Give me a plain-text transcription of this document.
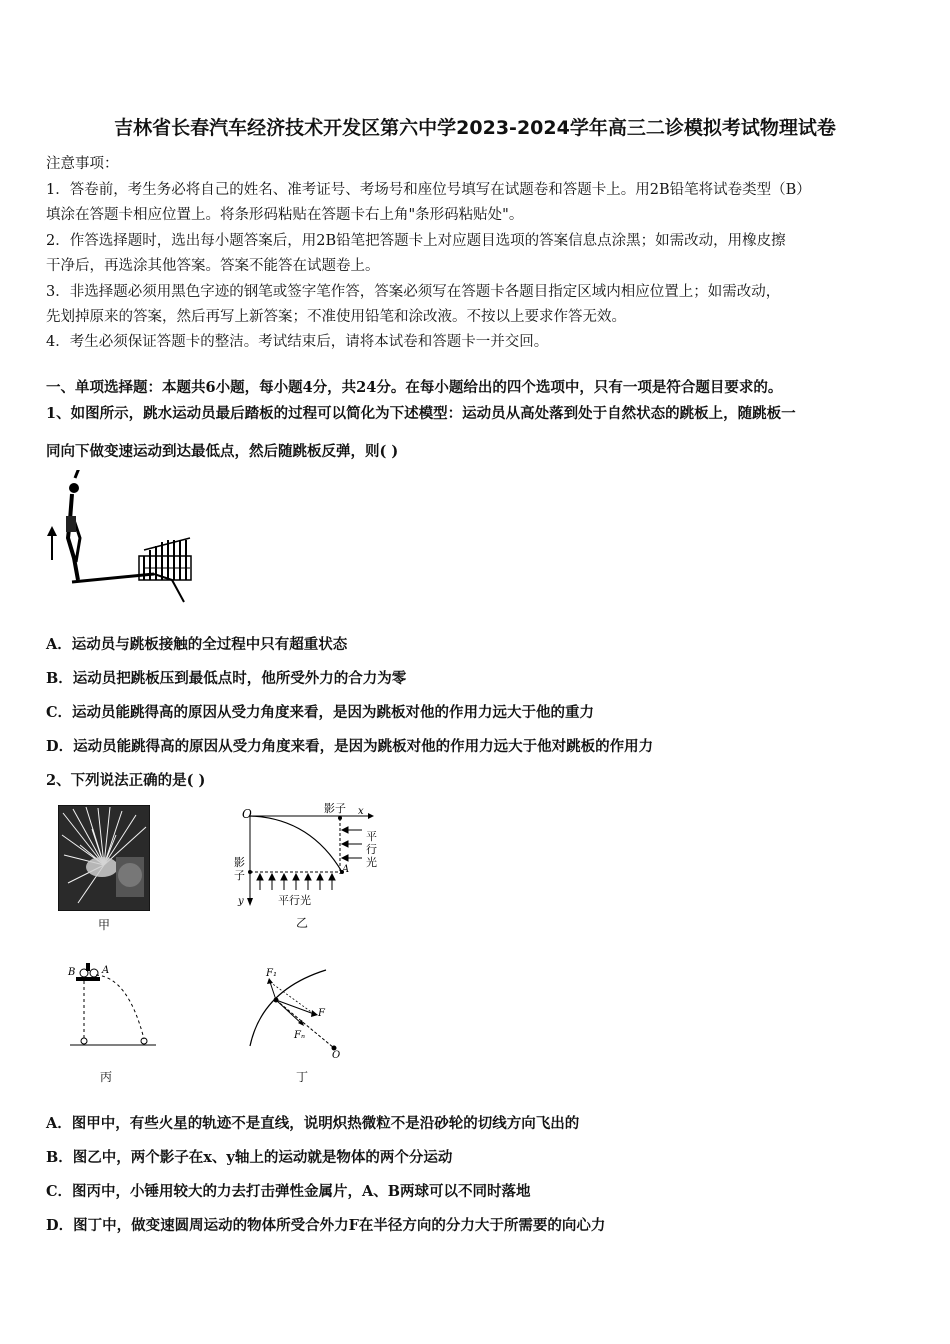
吉林省长春汽车经济技术开发区第六中学2023-2024学年高三二诊模拟考试物理试卷
注意事项：
1．答卷前，考生务必将自己的姓名、准考证号、考场号和座位号填写在试题卷和答题卡上。用2B铅笔将试卷类型（B）
填涂在答题卡相应位置上。将条形码粘贴在答题卡右上角"条形码粘贴处"。
2．作答选择题时，选出每小题答案后，用2B铅笔把答题卡上对应题目选项的答案信息点涂黑；如需改动，用橡皮擦
干净后，再选涂其他答案。答案不能答在试题卷上。
3．非选择题必须用黑色字迹的钢笔或签字笔作答，答案必须写在答题卡各题目指定区域内相应位置上；如需改动，
先划掉原来的答案，然后再写上新答案；不准使用铅笔和涂改液。不按以上要求作答无效。
4．考生必须保证答题卡的整洁。考试结束后，请将本试卷和答题卡一并交回。
一、单项选择题：本题共6小题，每小题4分，共24分。在每小题给出的四个选项中，只有一项是符合题目要求的。
1、如图所示，跳水运动员最后踏板的过程可以简化为下述模型：运动员从高处落到处于自然状态的跳板上，随跳板一
同向下做变速运动到达最低点，然后随跳板反弹，则( )
A．运动员与跳板接触的全过程中只有超重状态
B．运动员把跳板压到最低点时，他所受外力的合力为零
C．运动员能跳得高的原因从受力角度来看，是因为跳板对他的作用力远大于他的重力
D．运动员能跳得高的原因从受力角度来看，是因为跳板对他的作用力远大于他对跳板的作用力
2、下列说法正确的是( )
甲
O	影子 x
A
平
行
光
影
子
y	平行光
乙
B	A
丙
F₁
F
Fₙ
O
丁
A．图甲中，有些火星的轨迹不是直线，说明炽热微粒不是沿砂轮的切线方向飞出的
B．图乙中，两个影子在x、y轴上的运动就是物体的两个分运动
C．图丙中，小锤用较大的力去打击弹性金属片，A、B两球可以不同时落地
D．图丁中，做变速圆周运动的物体所受合外力F在半径方向的分力大于所需要的向心力
